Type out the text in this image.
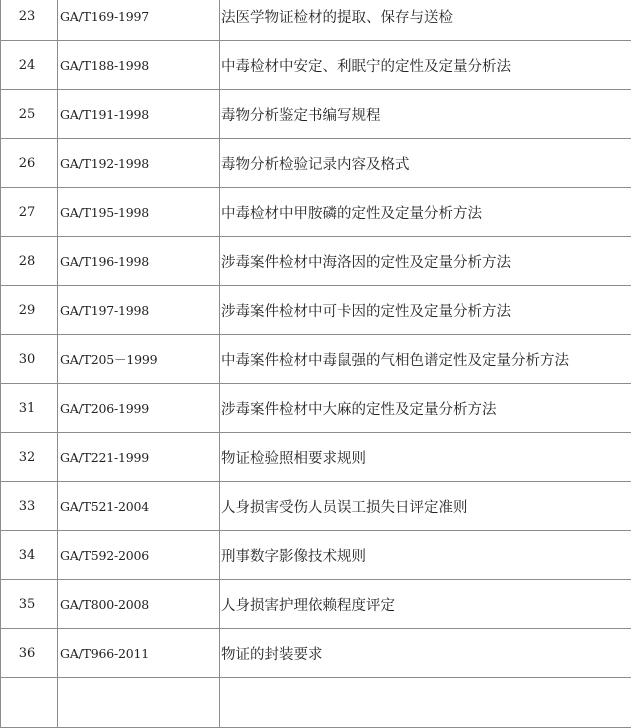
23	GA/T169-1997	法医学物证检材的提取、保存与送检
24	GA/T188-1998	中毒检材中安定、利眠宁的定性及定量分析法
25	GA/T191-1998	毒物分析鉴定书编写规程
26	GA/T192-1998	毒物分析检验记录内容及格式
27	GA/T195-1998	中毒检材中甲胺磷的定性及定量分析方法
28	GA/T196-1998	涉毒案件检材中海洛因的定性及定量分析方法
29	GA/T197-1998	涉毒案件检材中可卡因的定性及定量分析方法
30	GA/T205－1999	中毒案件检材中毒鼠强的气相色谱定性及定量分析方法
31	GA/T206-1999	涉毒案件检材中大麻的定性及定量分析方法
32	GA/T221-1999	物证检验照相要求规则
33	GA/T521-2004	人身损害受伤人员误工损失日评定准则
34	GA/T592-2006	刑事数字影像技术规则
35	GA/T800-2008	人身损害护理依赖程度评定
36	GA/T966-2011	物证的封装要求
